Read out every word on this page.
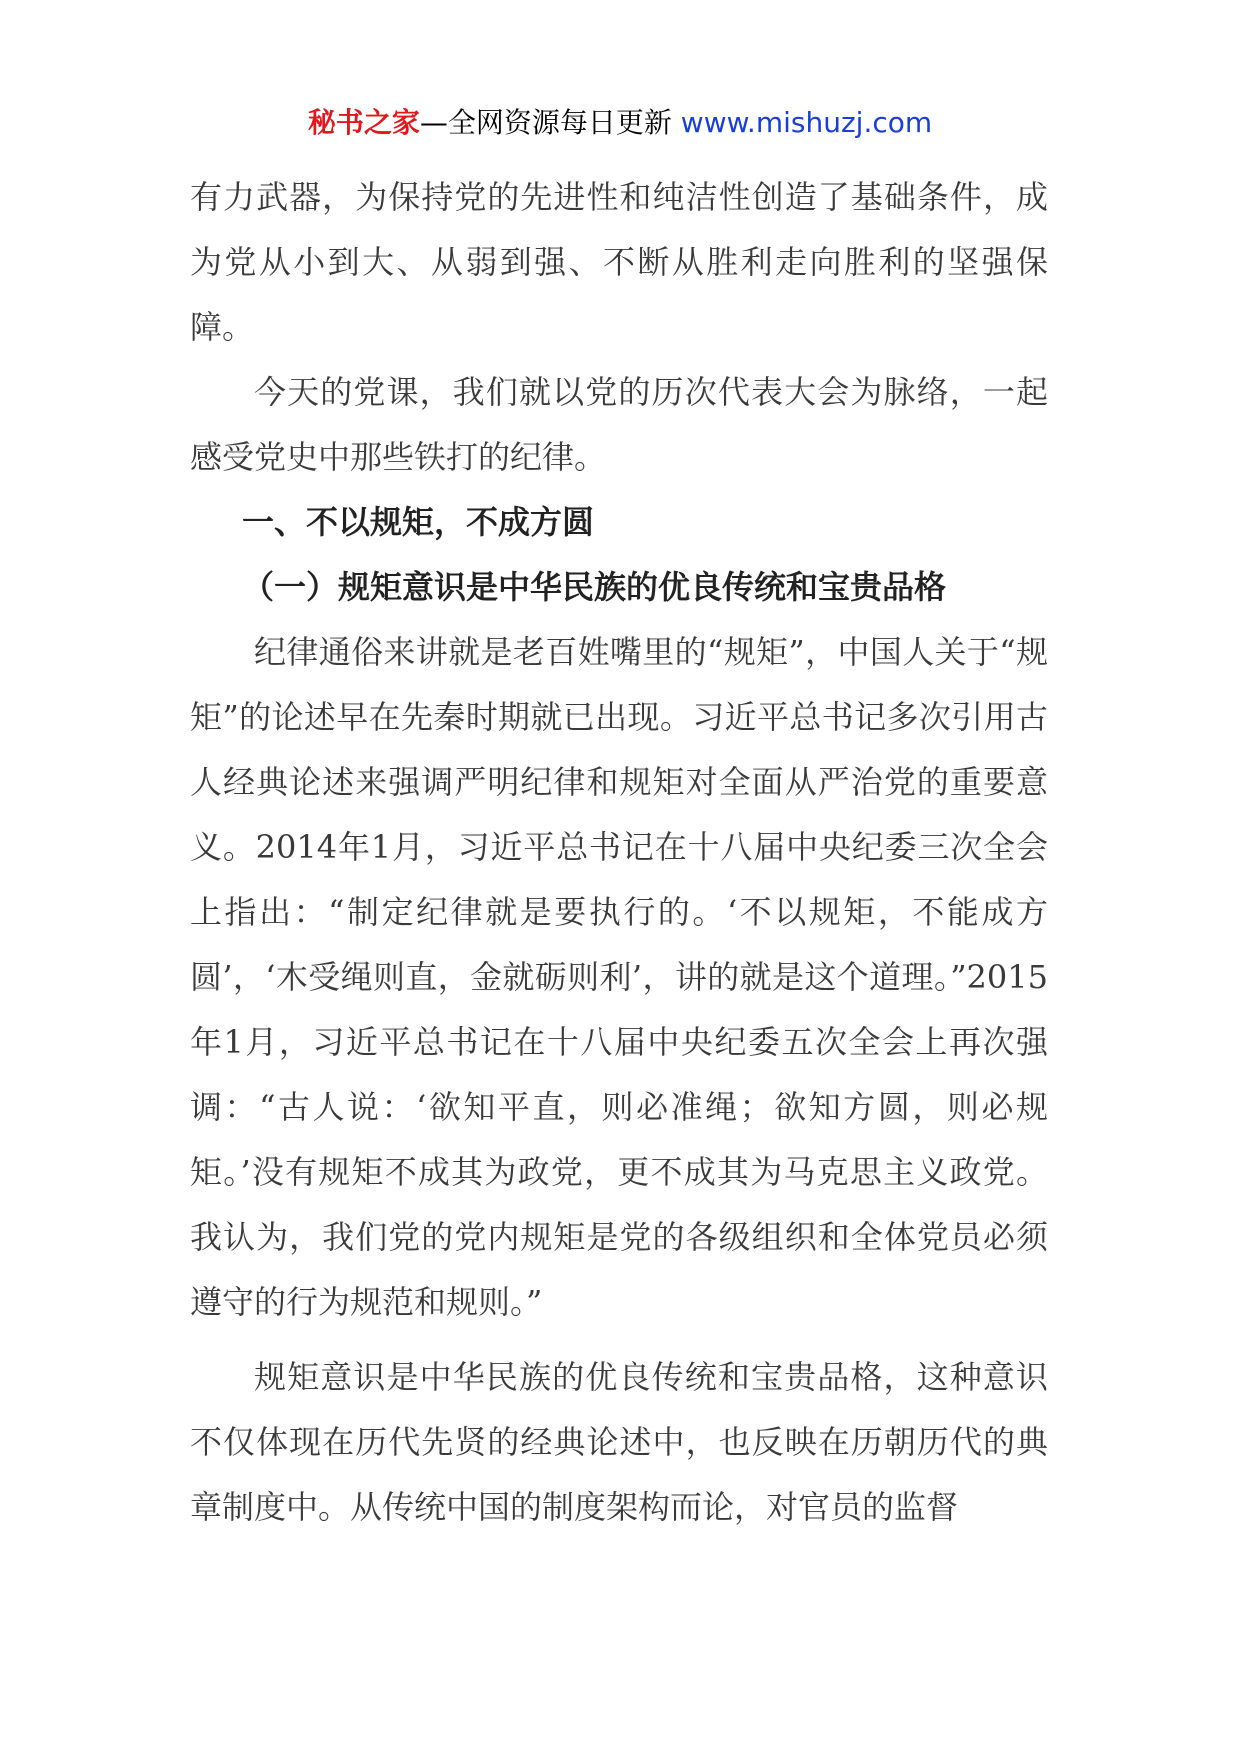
秘书之家—全网资源每日更新 www.mishuzj.com

有力武器，为保持党的先进性和纯洁性创造了基础条件，成为党从小到大、从弱到强、不断从胜利走向胜利的坚强保障。

今天的党课，我们就以党的历次代表大会为脉络，一起感受党史中那些铁打的纪律。

一、不以规矩，不成方圆

（一）规矩意识是中华民族的优良传统和宝贵品格

纪律通俗来讲就是老百姓嘴里的“规矩”，中国人关于“规矩”的论述早在先秦时期就已出现。习近平总书记多次引用古人经典论述来强调严明纪律和规矩对全面从严治党的重要意义。2014年1月，习近平总书记在十八届中央纪委三次全会上指出：“制定纪律就是要执行的。‘不以规矩，不能成方圆’，‘木受绳则直，金就砺则利’，讲的就是这个道理。”2015年1月，习近平总书记在十八届中央纪委五次全会上再次强调：“古人说：‘欲知平直，则必准绳；欲知方圆，则必规矩。’没有规矩不成其为政党，更不成其为马克思主义政党。我认为，我们党的党内规矩是党的各级组织和全体党员必须遵守的行为规范和规则。”

规矩意识是中华民族的优良传统和宝贵品格，这种意识不仅体现在历代先贤的经典论述中，也反映在历朝历代的典章制度中。从传统中国的制度架构而论，对官员的监督
